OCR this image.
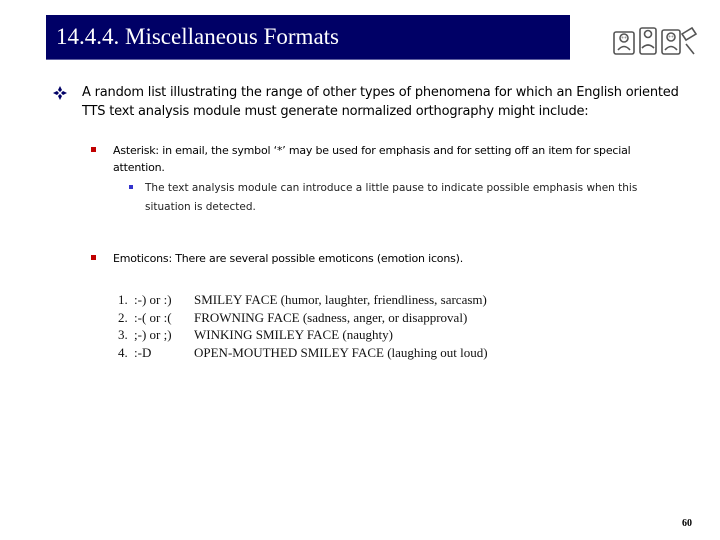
14.4.4. Miscellaneous Formats
A random list illustrating the range of other types of phenomena for which an English oriented TTS text analysis module must generate normalized orthography might include:
Asterisk: in email, the symbol ‘*’ may be used for emphasis and for setting off an item for special attention.
The text analysis module can introduce a little pause to indicate possible emphasis when this situation is detected.
Emoticons: There are several possible emoticons (emotion icons).
1. :-) or :)	SMILEY FACE (humor, laughter, friendliness, sarcasm)
2. :-( or :(	FROWNING FACE (sadness, anger, or disapproval)
3. ;-) or ;)	WINKING SMILEY FACE (naughty)
4. :-D	OPEN-MOUTHED SMILEY FACE (laughing out loud)
60
